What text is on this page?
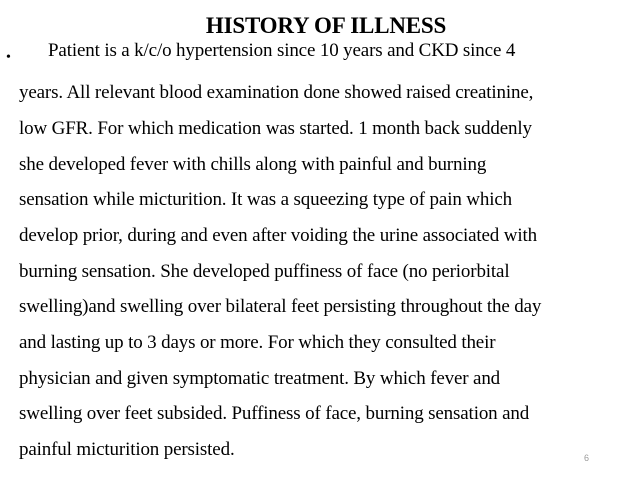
HISTORY OF ILLNESS
• Patient is a k/c/o hypertension since 10 years and CKD since 4
years. All relevant blood examination done showed raised creatinine,
low GFR. For which medication was started. 1 month back suddenly
she developed fever with chills along with painful and burning
sensation while micturition. It was a squeezing type of pain which
develop prior, during and even after voiding the urine associated with
burning sensation. She developed puffiness of face (no periorbital
swelling)and swelling over bilateral feet persisting throughout the day
and lasting up to 3 days or more. For which they consulted their
physician and given symptomatic treatment. By which fever and
swelling over feet subsided. Puffiness of face, burning sensation and
painful micturition persisted.	6
